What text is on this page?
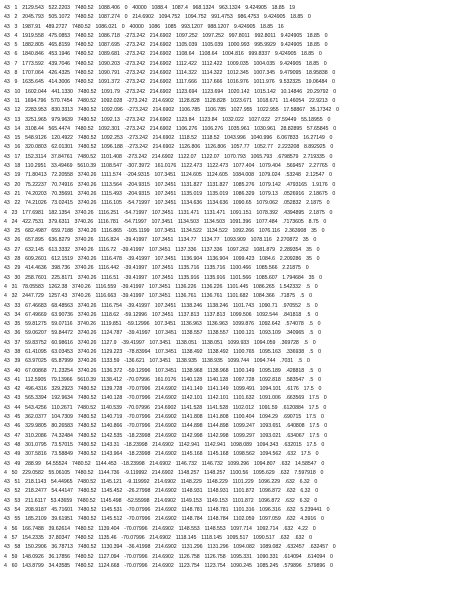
43  1  2129.543  522.2203  7480.52  1088.406  0  40000  1088.4  1087.4  968.1324  963.1324  9.424905  18.85  19
43  2  2045.793  505.1072  7480.52  1087.274  0  214.6902  1094.752  1094.752  991.4753  986.4753  9.424905  18.85  0
43  3  1987.91  489.2727  7480.52  1086.021  0  40000  1086  1085  993.1207  988.1207  9.424905  18.85  16
43  4  1919.558  475.0853  7480.52  1086.718  -273.242  214.6902  1097.252  1097.252  997.8011  992.8011  9.424905  18.85  0
43  5  1882.805  465.8159  7480.52  1087.695  -273.242  214.6902  1105.039  1105.039  1000.993  995.9929  9.424905  18.85  0
43  6  1840.846  453.1946  7480.52  1089.681  -273.242  214.6902  1108.64  1108.64  1004.816  999.8337  9.424905  18.85  0
43  7  1773.592  439.7046  7480.52  1090.203  -273.242  214.6902  1112.422  1112.422  1009.035  1004.035  9.424905  18.85  0
43  8  1707.064  426.4325  7480.52  1090.791  -273.242  214.6902  1114.322  1114.322  1012.345  1007.345  9.479095  18.95838  0
43  9  1635.645  414.3006  7480.52  1091.372  -273.242  214.6902  1117.666  1117.666  1016.976  1011.976  9.532325  19.06484  0
43  10  1602.044  441.1330  7480.52  1091.79  -273.242  214.6902  1123.694  1123.694  1020.142  1015.142  10.14846  20.29792  0
43  11  1694.796  570.7454  7480.52  1092.028  -273.242  214.6902  1128.828  1128.828  1023.671  1018.671  11.46054  22.9213  0
43  12  2283.953  830.3313  7480.52  1092.096  -273.242  214.6902  1106.785  1106.785  1027.955  1022.955  17.58867  35.17342  0
43  13  3251.965  979.9639  7480.52  1092.13  -273.242  214.6902  1123.84  1123.84  1032.022  1027.022  27.59449  55.18955  0
43  14  3108.44  565.4474  7480.52  1092.301  -273.242  214.6902  1106.276  1106.276  1035.961  1030.961  28.82895  57.65845  0
43  15  548.9126  120.4922  7480.52  1092.253  -273.242  214.6902  1118.52  1118.52  1043.996  1040.996  6.067833  16.27149  0
43  16  320.0803  62.01301  7480.52  1096.188  -273.242  214.6902  1126.806  1126.806  1057.77  1052.77  2.223208  8.892925  0
43  17  152.3114  37.84761  7480.52  1101.408  -273.242  214.6902  1122.07  1122.07  1070.793  1065.793  .6798579  2.719335  0
43  18  110.2951  33.49469  5610.39  1108.547  -307.3972  161.0176  1122.473  1122.473  1077.404  1079.404  .569457  2.27765  0
43  19  71.80413  72.20558  3740.26  1111.574  -204.9315  107.3451  1124.605  1124.605  1084.008  1079.024  .53248  2.12547  0
43  20  75.22237  70.74916  3740.26  1113.564  -204.9315  107.3451  1131.827  1131.827  1085.276  1079.142  .4793165  1.9176  0
43  21  74.20203  70.35691  3740.26  1115.493  -204.9315  107.3451  1135.019  1135.019  1086.329  1079.13  .0526916  2.18675  0
43  22  74.21026  73.02415  3740.26  1116.105  -54.71997  107.3451  1134.636  1134.636  1090.65  1079.062  .052832  2.1875  0
4  23  177.6981  182.1354  3740.26  1116.251  -54.71997  107.3451  1131.471  1131.471  1091.151  1078.392  .4394895  2.1875  0
4  24  422.7531  379.6311  3740.26  1116.781  -54.71997  107.3451  1134.503  1134.503  1091.396  1077.484  .7173605  8.75  0
43  25  682.4987  659.7188  3740.26  1116.865  -105.1199  107.3451  1134.522  1134.522  1092.266  1076.116  2.363908  35  0
43  26  657.895  636.8279  3740.26  1116.824  -39.41997  107.3451  1134.77  1134.77  1093.909  1078.116  2.270872  35  0
43  27  632.145  613.3332  3740.26  1116.72  -39.41997  107.3451  1137.336  1137.336  1097.262  1081.879  2.289354  35  0
43  28  609.2601  612.1519  3740.26  1116.478  -39.41997  107.3451  1136.904  1136.904  1099.423  1084.6  2.209286  35  0
43  29  414.4636  398.736  3740.26  1116.442  -39.41997  107.3451  1135.716  1135.716  1100.466  1085.566  2.21875  0
43  30  258.7601  225.8171  3740.26  1116.51  -39.41997  107.3451  1135.916  1135.916  1101.566  1085.607  1.794684  35  0
4  31  78.05583  1262.38  3740.26  1116.559  -39.41997  107.3451  1136.226  1136.226  1101.445  1086.265  1.542332  .5  0
4  32  2447.729  1257.43  3740.26  1116.663  -39.41997  107.3451  1136.761  1136.761  1101.682  1084.366  .71875  .5  0
43  33  67.46683  68.48563  3740.26  1116.754  -39.41997  107.3451  1138.246  1138.246  1101.743  1090.71  .970552  .5  0
43  34  67.49669  63.90736  3740.26  1118.62  -59.12996  107.3451  1137.813  1137.813  1099.506  1092.544  .841818  .5  0
43  35  59.81275  59.07116  3740.26  1119.851  -59.12996  107.3451  1136.963  1136.963  1099.876  1092.642  .574078  .5  0
43  36  59.06207  59.84472  3740.26  1124.787  -39.41997  107.3451  1138.557  1138.557  1100.121  1093.109  .340965  .5  0
43  37  59.83752  60.98616  3740.26  1127.9  -39.41997  107.3451  1138.051  1138.051  1099.933  1094.059  .369728  .5  0
43  38  61.41095  63.03453  3740.26  1129.223  -78.83994  107.3451  1138.492  1138.492  1100.765  1095.163  .336938  .5  0
43  39  63.97025  65.87999  3740.26  1133.59  -136.621  107.3451  1138.935  1138.935  1099.744  1094.744  .7031  .5  0
43  40  67.00868  71.23254  3740.26  1136.372  -59.12996  107.3451  1138.968  1138.968  1100.149  1095.189  .428818  .5  0
43  41  112.5905  79.13966  5610.39  1138.412  -70.07996  161.0176  1140.128  1140.128  1097.728  1092.818  .583547  .5  0
43  42  496.4316  329.2923  7480.52  1139.728  -70.07996  214.6902  1141.149  1141.149  1099.491  1094.101  .6176  17.5  0
43  43  565.3394  192.9634  7480.52  1140.128  -70.07996  214.6902  1142.101  1142.101  1101.632  1091.006  .663569  17.5  0
43  44  543.4256  110.2671  7480.52  1140.539  -70.07996  214.6902  1141.528  1141.528  1102.012  1091.59  .6120884  17.5  0
43  45  362.0377  104.7309  7480.52  1140.719  -70.07996  214.6902  1141.808  1141.808  1100.404  1094.29  .690715  17.5  0
43  46  329.9805  80.26583  7480.52  1140.866  -70.07996  214.6902  1144.898  1144.898  1099.247  1093.651  .640808  17.5  0
43  47  310.2086  74.32484  7480.52  1142.535  -18.23998  214.6902  1142.998  1142.998  1099.297  1093.021  .634067  17.5  0
43  48  301.0795  73.57015  7480.52  1143.31  -18.23998  214.6902  1142.941  1142.941  1098.089  1094.343  .632015  17.5  0
43  49  307.5816  73.58849  7480.52  1143.964  -18.23998  214.6902  1145.168  1145.168  1098.562  1094.562  .632  17.5  0
43  49  288.99  64.55524  7480.52  1144.453  -18.23998  214.6902  1146.732  1146.732  1099.296  1094.807  .632  14.58547  0
4  50  229.0582  55.06105  7480.52  1144.736  -9.119992  214.6902  1148.257  1148.257  1100.56  1095.629  .632  7.597918  0
43  51  218.1143  54.44965  7480.52  1145.121  -9.119992  214.6902  1148.229  1148.229  1101.229  1096.229  .632  6.32  0
43  52  218.2477  54.44147  7480.52  1145.452  -26.27998  214.6902  1148.931  1148.931  1101.872  1096.872  .632  6.32  0
43  53  211.6117  53.43659  7480.52  1145.498  -52.55998  214.6902  1149.153  1149.153  1101.872  1096.872  .632  6.32  0
43  54  208.9187  45.71601  7480.52  1145.531  -70.07996  214.6902  1148.781  1148.781  1101.316  1096.316  .632  5.239441  0
43  55  185.2109  39.61951  7480.52  1145.512  -70.07996  214.6902  1148.784  1148.784  1102.059  1097.059  .632  4.3916  0
4  56  166.7488  39.62614  7480.52  1139.404  -70.07996  214.6902  1148.553  1148.553  1097.714  1092.714  .632  4.22  0
4  57  154.2335  37.80347  7480.52  1135.46  -70.07996  214.6902  1118.145  1118.145  1095.517  1090.517  .632  .632  0
43  58  150.2906  36.78713  7480.52  1130.394  -36.41998  214.6902  1131.296  1131.296  1094.082  1089.082  .632457  .632457  0
4  59  148.0926  36.17856  7480.52  1127.094  -70.07996  214.6902  1126.758  1126.758  1095.331  1090.331  .614094  .614094  0
4  60  143.8799  34.43585  7480.52  1124.668  -70.07996  214.6902  1123.754  1123.754  1090.245  1085.245  .579896  .579896  0
